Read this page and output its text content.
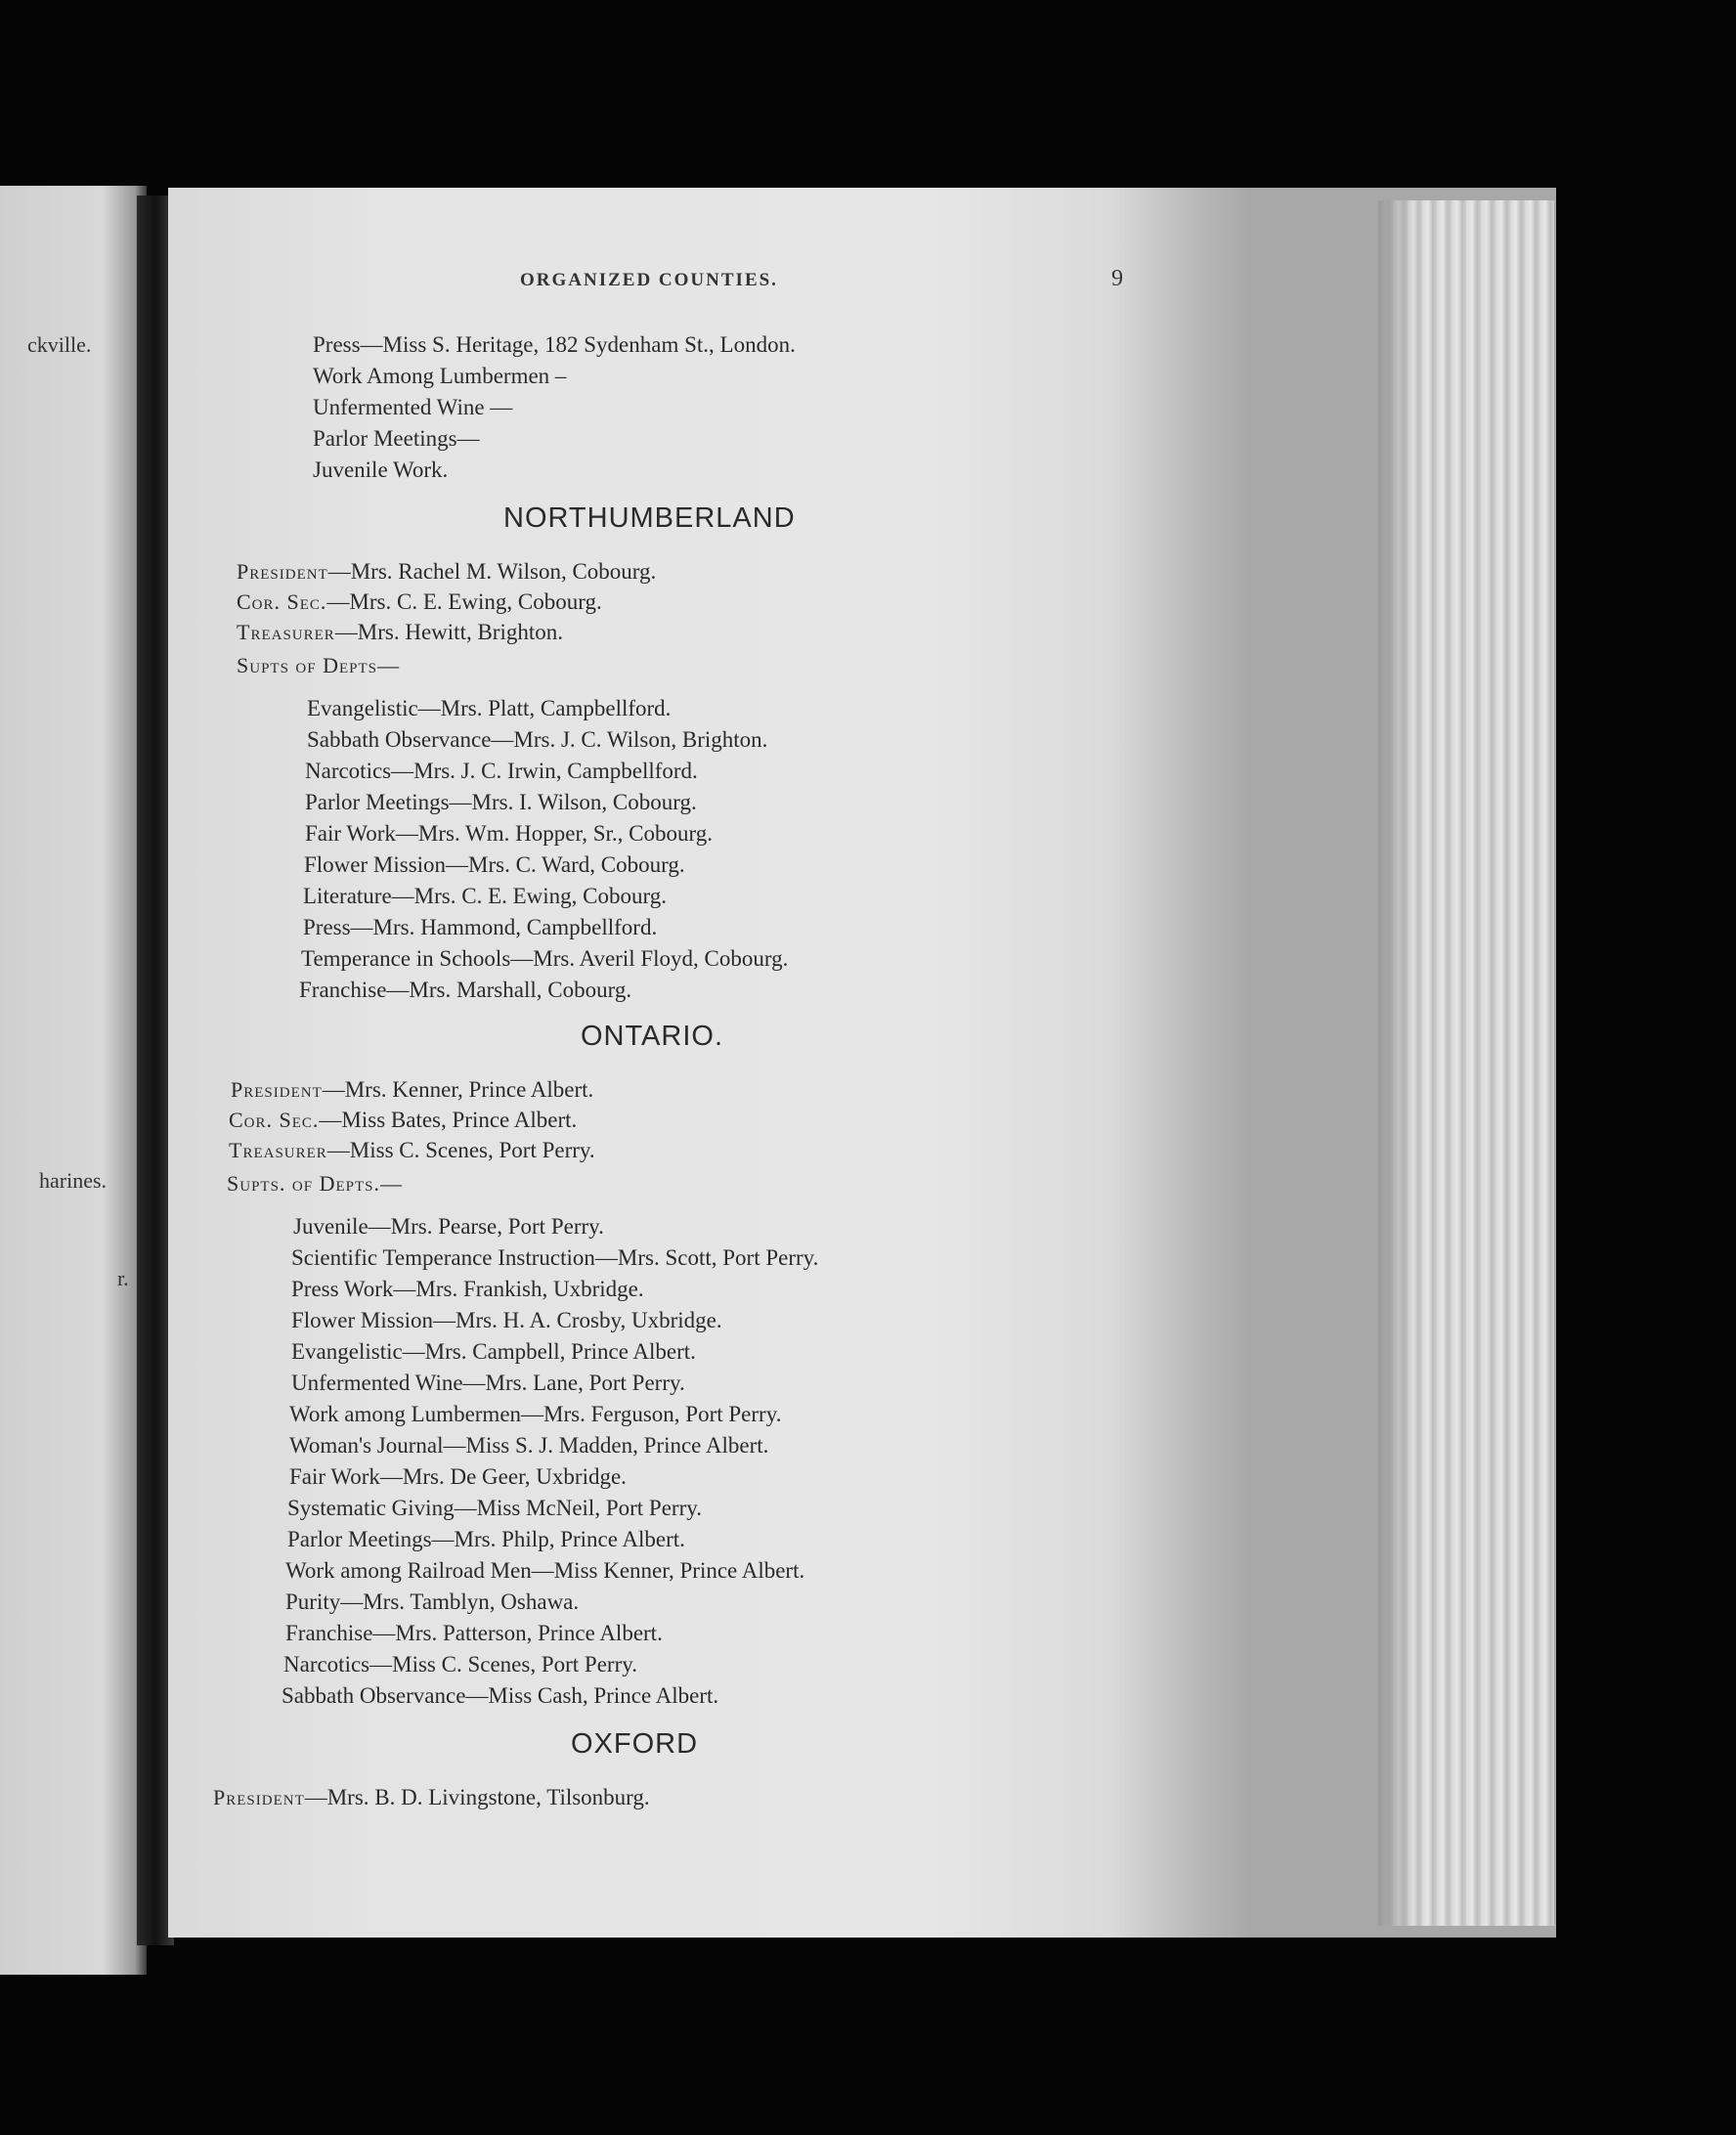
ckville.
harines.
r.
ORGANIZED COUNTIES.	9
Press—Miss S. Heritage, 182 Sydenham St., London.
Work Among Lumbermen –
Unfermented Wine —
Parlor Meetings—
Juvenile Work.
NORTHUMBERLAND
President—Mrs. Rachel M. Wilson, Cobourg.
Cor. Sec.—Mrs. C. E. Ewing, Cobourg.
Treasurer—Mrs. Hewitt, Brighton.
Supts of Depts—
Evangelistic—Mrs. Platt, Campbellford.
Sabbath Observance—Mrs. J. C. Wilson, Brighton.
Narcotics—Mrs. J. C. Irwin, Campbellford.
Parlor Meetings—Mrs. I. Wilson, Cobourg.
Fair Work—Mrs. Wm. Hopper, Sr., Cobourg.
Flower Mission—Mrs. C. Ward, Cobourg.
Literature—Mrs. C. E. Ewing, Cobourg.
Press—Mrs. Hammond, Campbellford.
Temperance in Schools—Mrs. Averil Floyd, Cobourg.
Franchise—Mrs. Marshall, Cobourg.
ONTARIO.
President—Mrs. Kenner, Prince Albert.
Cor. Sec.—Miss Bates, Prince Albert.
Treasurer—Miss C. Scenes, Port Perry.
Supts. of Depts.—
Juvenile—Mrs. Pearse, Port Perry.
Scientific Temperance Instruction—Mrs. Scott, Port Perry.
Press Work—Mrs. Frankish, Uxbridge.
Flower Mission—Mrs. H. A. Crosby, Uxbridge.
Evangelistic—Mrs. Campbell, Prince Albert.
Unfermented Wine—Mrs. Lane, Port Perry.
Work among Lumbermen—Mrs. Ferguson, Port Perry.
Woman's Journal—Miss S. J. Madden, Prince Albert.
Fair Work—Mrs. De Geer, Uxbridge.
Systematic Giving—Miss McNeil, Port Perry.
Parlor Meetings—Mrs. Philp, Prince Albert.
Work among Railroad Men—Miss Kenner, Prince Albert.
Purity—Mrs. Tamblyn, Oshawa.
Franchise—Mrs. Patterson, Prince Albert.
Narcotics—Miss C. Scenes, Port Perry.
Sabbath Observance—Miss Cash, Prince Albert.
OXFORD
President—Mrs. B. D. Livingstone, Tilsonburg.
